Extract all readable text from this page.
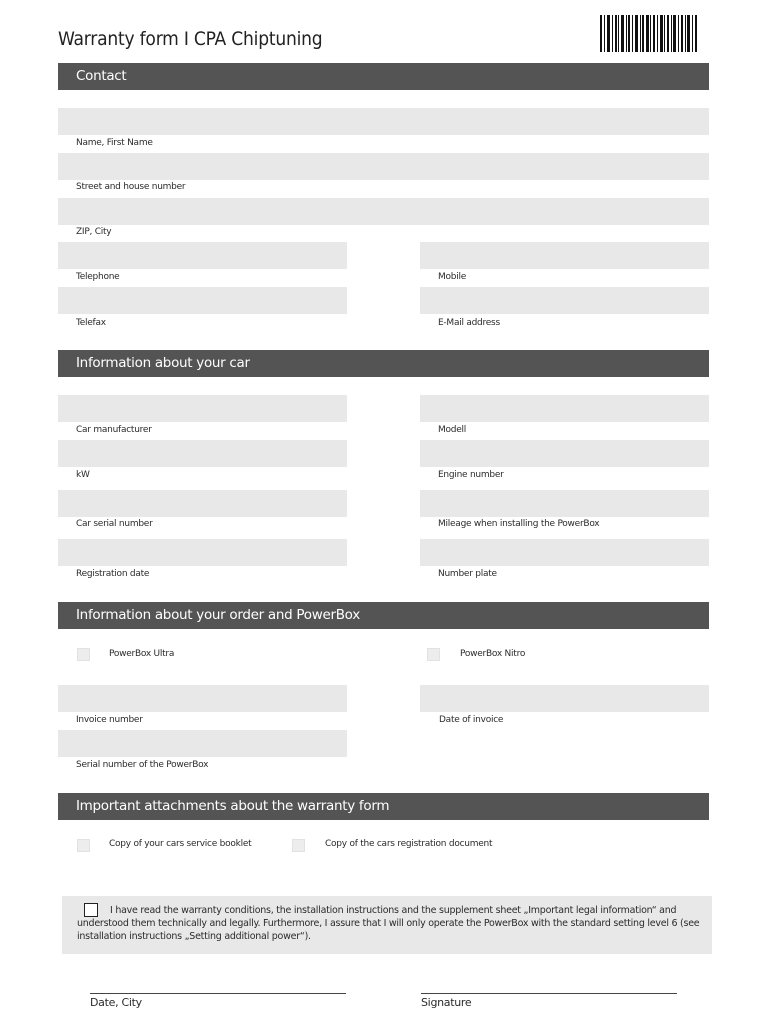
Warranty form I CPA Chiptuning
Contact
Name, First Name
Street and house number
ZIP, City
Telephone	Mobile
Telefax	E-Mail address
Information about your car
Car manufacturer	Modell
kW	Engine number
Car serial number	Mileage when installing the PowerBox
Registration date	Number plate
Information about your order and PowerBox
PowerBox Ultra	PowerBox Nitro
Invoice number	Date of invoice
Serial number of the PowerBox
Important attachments about the warranty form
Copy of your cars service booklet	Copy of the cars registration document
I have read the warranty conditions, the installation instructions and the supplement sheet „Important legal information“ and understood them technically and legally. Furthermore, I assure that I will only operate the PowerBox with the standard setting level 6 (see installation instructions „Setting additional power“).
Date, City	Signature
